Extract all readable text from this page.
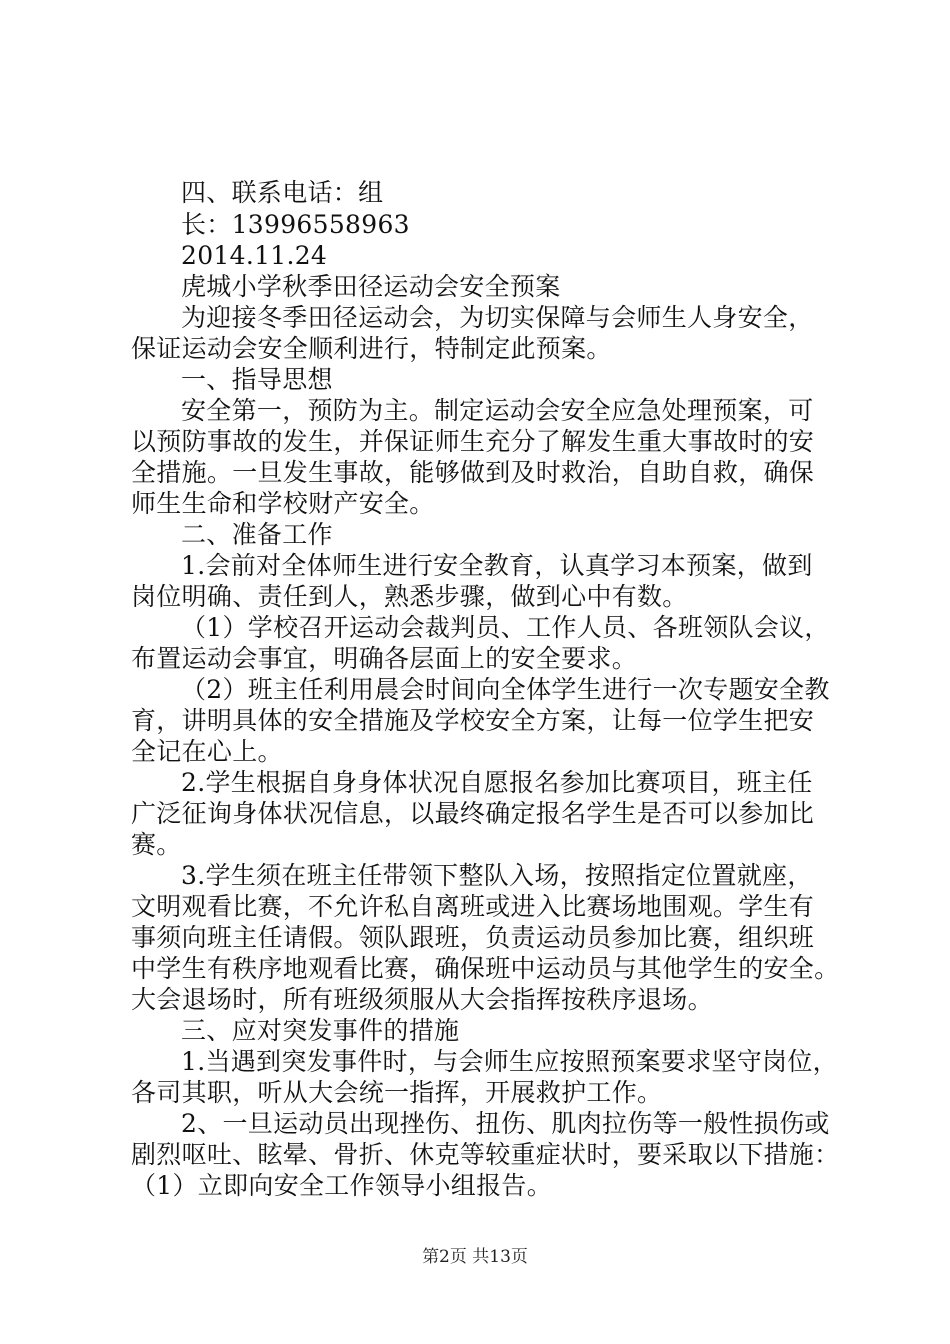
四、联系电话：组
长：13996558963
2014.11.24
虎城小学秋季田径运动会安全预案
为迎接冬季田径运动会，为切实保障与会师生人身安全，
保证运动会安全顺利进行，特制定此预案。
一、指导思想
安全第一，预防为主。制定运动会安全应急处理预案，可
以预防事故的发生，并保证师生充分了解发生重大事故时的安
全措施。一旦发生事故，能够做到及时救治，自助自救，确保
师生生命和学校财产安全。
二、准备工作
1.会前对全体师生进行安全教育，认真学习本预案，做到
岗位明确、责任到人，熟悉步骤，做到心中有数。
（1）学校召开运动会裁判员、工作人员、各班领队会议，
布置运动会事宜，明确各层面上的安全要求。
（2）班主任利用晨会时间向全体学生进行一次专题安全教
育，讲明具体的安全措施及学校安全方案，让每一位学生把安
全记在心上。
2.学生根据自身身体状况自愿报名参加比赛项目，班主任
广泛征询身体状况信息，以最终确定报名学生是否可以参加比
赛。
3.学生须在班主任带领下整队入场，按照指定位置就座，
文明观看比赛，不允许私自离班或进入比赛场地围观。学生有
事须向班主任请假。领队跟班，负责运动员参加比赛，组织班
中学生有秩序地观看比赛，确保班中运动员与其他学生的安全。
大会退场时，所有班级须服从大会指挥按秩序退场。
三、应对突发事件的措施
1.当遇到突发事件时，与会师生应按照预案要求坚守岗位，
各司其职，听从大会统一指挥，开展救护工作。
2、一旦运动员出现挫伤、扭伤、肌肉拉伤等一般性损伤或
剧烈呕吐、眩晕、骨折、休克等较重症状时，要采取以下措施：
（1）立即向安全工作领导小组报告。
第2页 共13页
